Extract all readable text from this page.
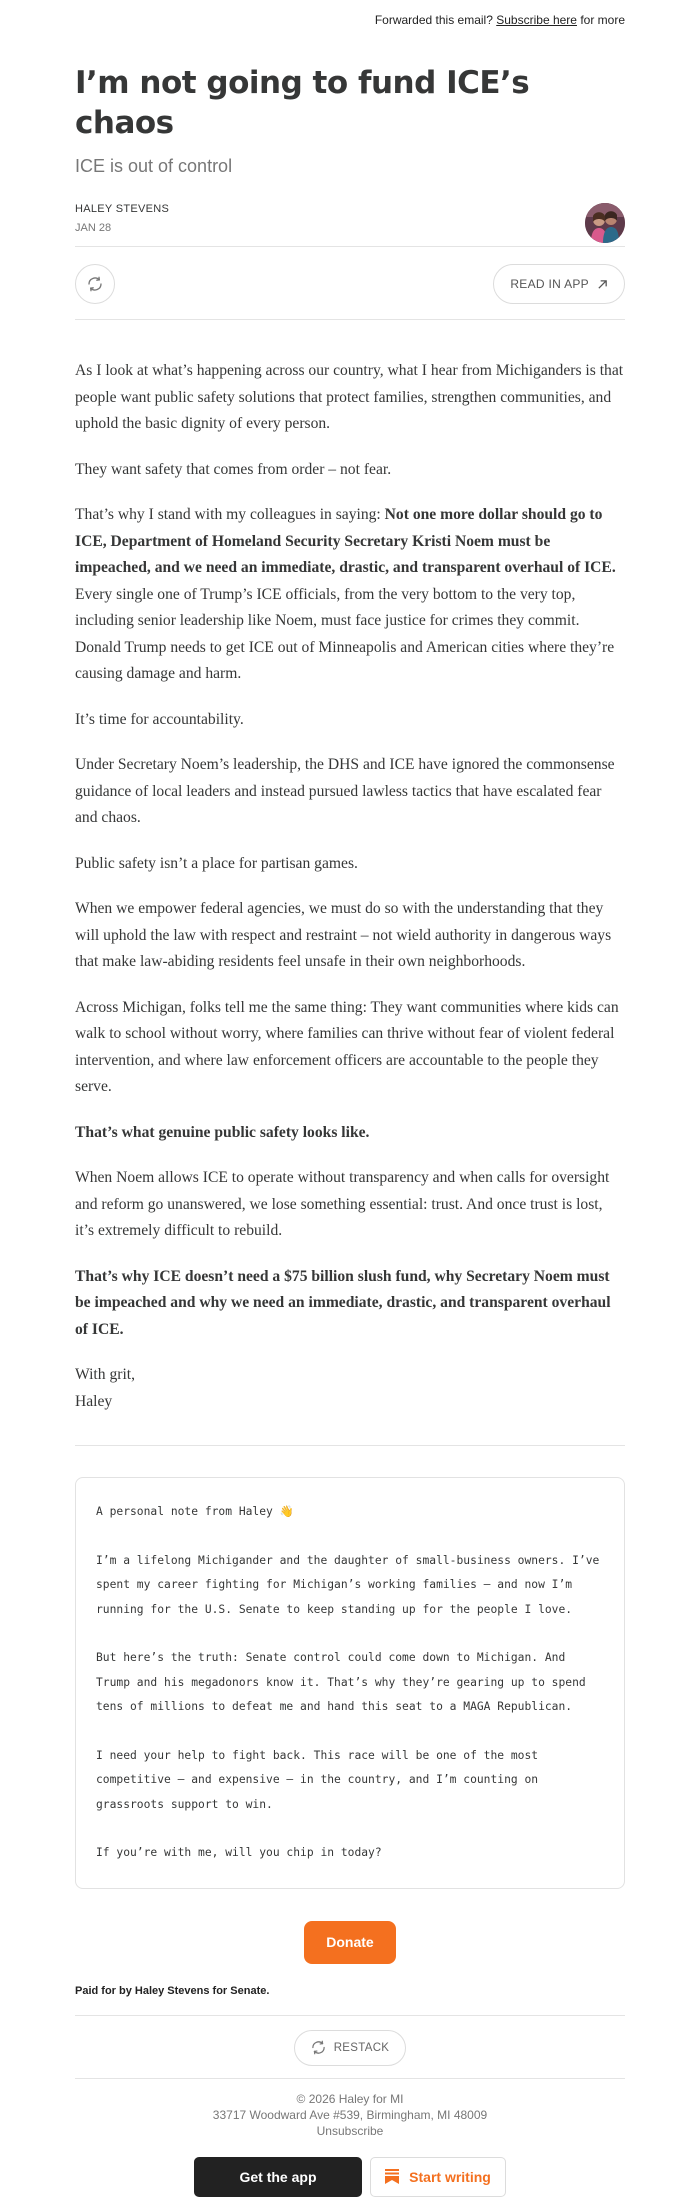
Forwarded this email? Subscribe here for more
I’m not going to fund ICE’s chaos
ICE is out of control
HALEY STEVENS
JAN 28
READ IN APP

As I look at what’s happening across our country, what I hear from Michiganders is that people want public safety solutions that protect families, strengthen communities, and uphold the basic dignity of every person.

They want safety that comes from order – not fear.

That’s why I stand with my colleagues in saying: Not one more dollar should go to ICE, Department of Homeland Security Secretary Kristi Noem must be impeached, and we need an immediate, drastic, and transparent overhaul of ICE. Every single one of Trump’s ICE officials, from the very bottom to the very top, including senior leadership like Noem, must face justice for crimes they commit. Donald Trump needs to get ICE out of Minneapolis and American cities where they’re causing damage and harm.

It’s time for accountability.

Under Secretary Noem’s leadership, the DHS and ICE have ignored the commonsense guidance of local leaders and instead pursued lawless tactics that have escalated fear and chaos.

Public safety isn’t a place for partisan games.

When we empower federal agencies, we must do so with the understanding that they will uphold the law with respect and restraint – not wield authority in dangerous ways that make law-abiding residents feel unsafe in their own neighborhoods.

Across Michigan, folks tell me the same thing: They want communities where kids can walk to school without worry, where families can thrive without fear of violent federal intervention, and where law enforcement officers are accountable to the people they serve.

That’s what genuine public safety looks like.

When Noem allows ICE to operate without transparency and when calls for oversight and reform go unanswered, we lose something essential: trust. And once trust is lost, it’s extremely difficult to rebuild.

That’s why ICE doesn’t need a $75 billion slush fund, why Secretary Noem must be impeached and why we need an immediate, drastic, and transparent overhaul of ICE.

With grit,
Haley

A personal note from Haley 👋

I’m a lifelong Michigander and the daughter of small-business owners. I’ve spent my career fighting for Michigan’s working families – and now I’m running for the U.S. Senate to keep standing up for the people I love.

But here’s the truth: Senate control could come down to Michigan. And Trump and his megadonors know it. That’s why they’re gearing up to spend tens of millions to defeat me and hand this seat to a MAGA Republican.

I need your help to fight back. This race will be one of the most competitive – and expensive – in the country, and I’m counting on grassroots support to win.

If you’re with me, will you chip in today?

Donate
Paid for by Haley Stevens for Senate.
RESTACK
© 2026 Haley for MI
33717 Woodward Ave #539, Birmingham, MI 48009
Unsubscribe
Get the app	Start writing
